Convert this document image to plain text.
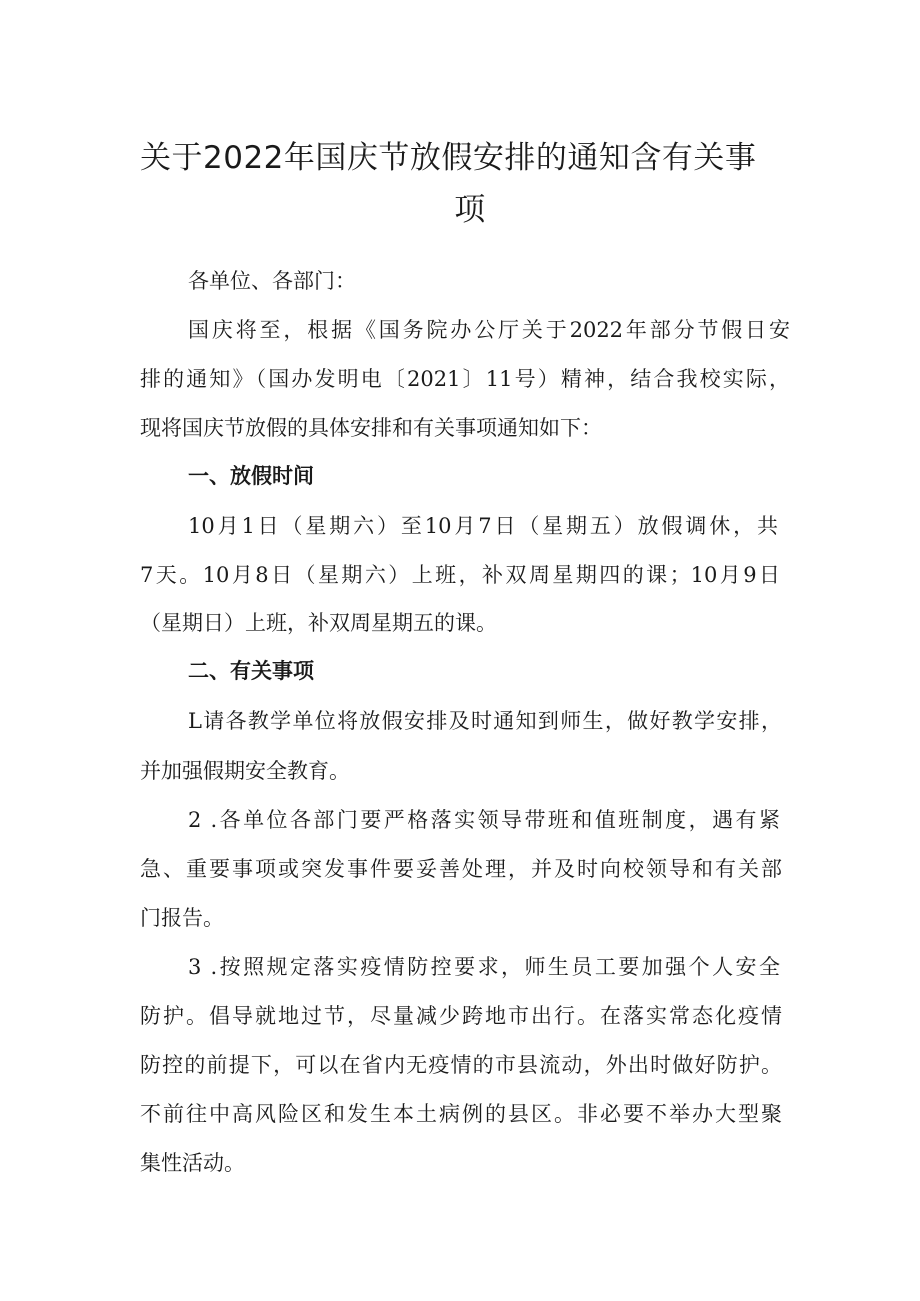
关于2022年国庆节放假安排的通知含有关事
项
各单位、各部门：
国庆将至，根据《国务院办公厅关于2022年部分节假日安
排的通知》（国办发明电〔2021〕11号）精神，结合我校实际，
现将国庆节放假的具体安排和有关事项通知如下：
一、放假时间
10月1日（星期六）至10月7日（星期五）放假调休，共
7天。10月8日（星期六）上班，补双周星期四的课；10月9日
（星期日）上班，补双周星期五的课。
二、有关事项
L请各教学单位将放假安排及时通知到师生，做好教学安排，
并加强假期安全教育。
2 .各单位各部门要严格落实领导带班和值班制度，遇有紧
急、重要事项或突发事件要妥善处理，并及时向校领导和有关部
门报告。
3 .按照规定落实疫情防控要求，师生员工要加强个人安全
防护。倡导就地过节，尽量减少跨地市出行。在落实常态化疫情
防控的前提下，可以在省内无疫情的市县流动，外出时做好防护。
不前往中高风险区和发生本土病例的县区。非必要不举办大型聚
集性活动。
